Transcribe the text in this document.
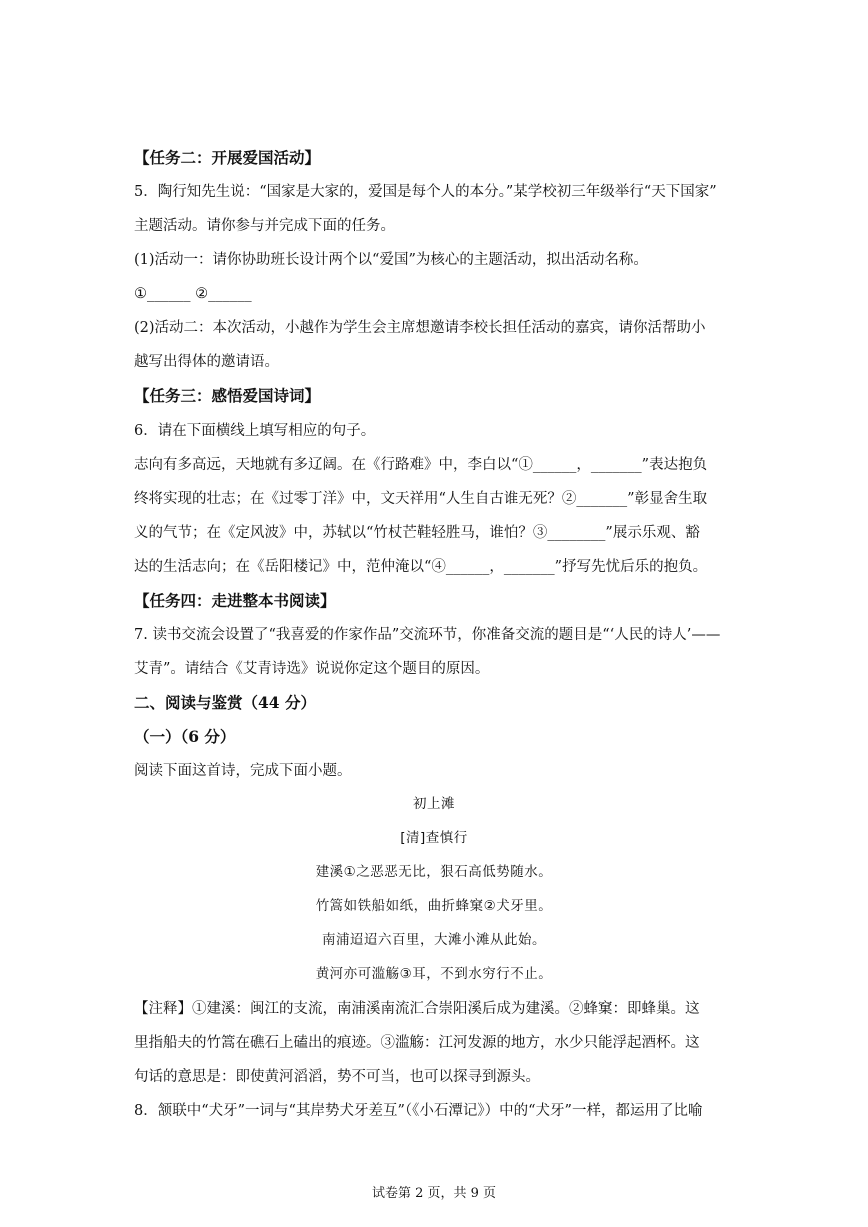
【任务二：开展爱国活动】
5．陶行知先生说：“国家是大家的，爱国是每个人的本分。”某学校初三年级举行“天下国家”
主题活动。请你参与并完成下面的任务。
(1)活动一：请你协助班长设计两个以“爱国”为核心的主题活动，拟出活动名称。
①______ ②______
(2)活动二：本次活动，小越作为学生会主席想邀请李校长担任活动的嘉宾，请你活帮助小
越写出得体的邀请语。
【任务三：感悟爱国诗词】
6．请在下面横线上填写相应的句子。
志向有多高远，天地就有多辽阔。在《行路难》中，李白以“①______，_______”表达抱负
终将实现的壮志；在《过零丁洋》中，文天祥用“人生自古谁无死？②_______”彰显舍生取
义的气节；在《定风波》中，苏轼以“竹杖芒鞋轻胜马，谁怕？③________”展示乐观、豁
达的生活志向；在《岳阳楼记》中，范仲淹以“④______，_______”抒写先忧后乐的抱负。
【任务四：走进整本书阅读】
7. 读书交流会设置了“我喜爱的作家作品”交流环节，你准备交流的题目是“‘人民的诗人’——
艾青”。请结合《艾青诗选》说说你定这个题目的原因。
二、阅读与鉴赏（44 分）
（一）（6 分）
阅读下面这首诗，完成下面小题。
初上滩
[清]查慎行
建溪①之恶恶无比，狠石高低势随水。
竹篙如铁船如纸，曲折蜂窠②犬牙里。
南浦迢迢六百里，大滩小滩从此始。
黄河亦可滥觞③耳，不到水穷行不止。
【注释】①建溪：闽江的支流，南浦溪南流汇合崇阳溪后成为建溪。②蜂窠：即蜂巢。这
里指船夫的竹篙在礁石上磕出的痕迹。③滥觞：江河发源的地方，水少只能浮起酒杯。这
句话的意思是：即使黄河滔滔，势不可当，也可以探寻到源头。
8．颔联中“犬牙”一词与“其岸势犬牙差互”（《小石潭记》）中的“犬牙”一样，都运用了比喻
试卷第 2 页，共 9 页
